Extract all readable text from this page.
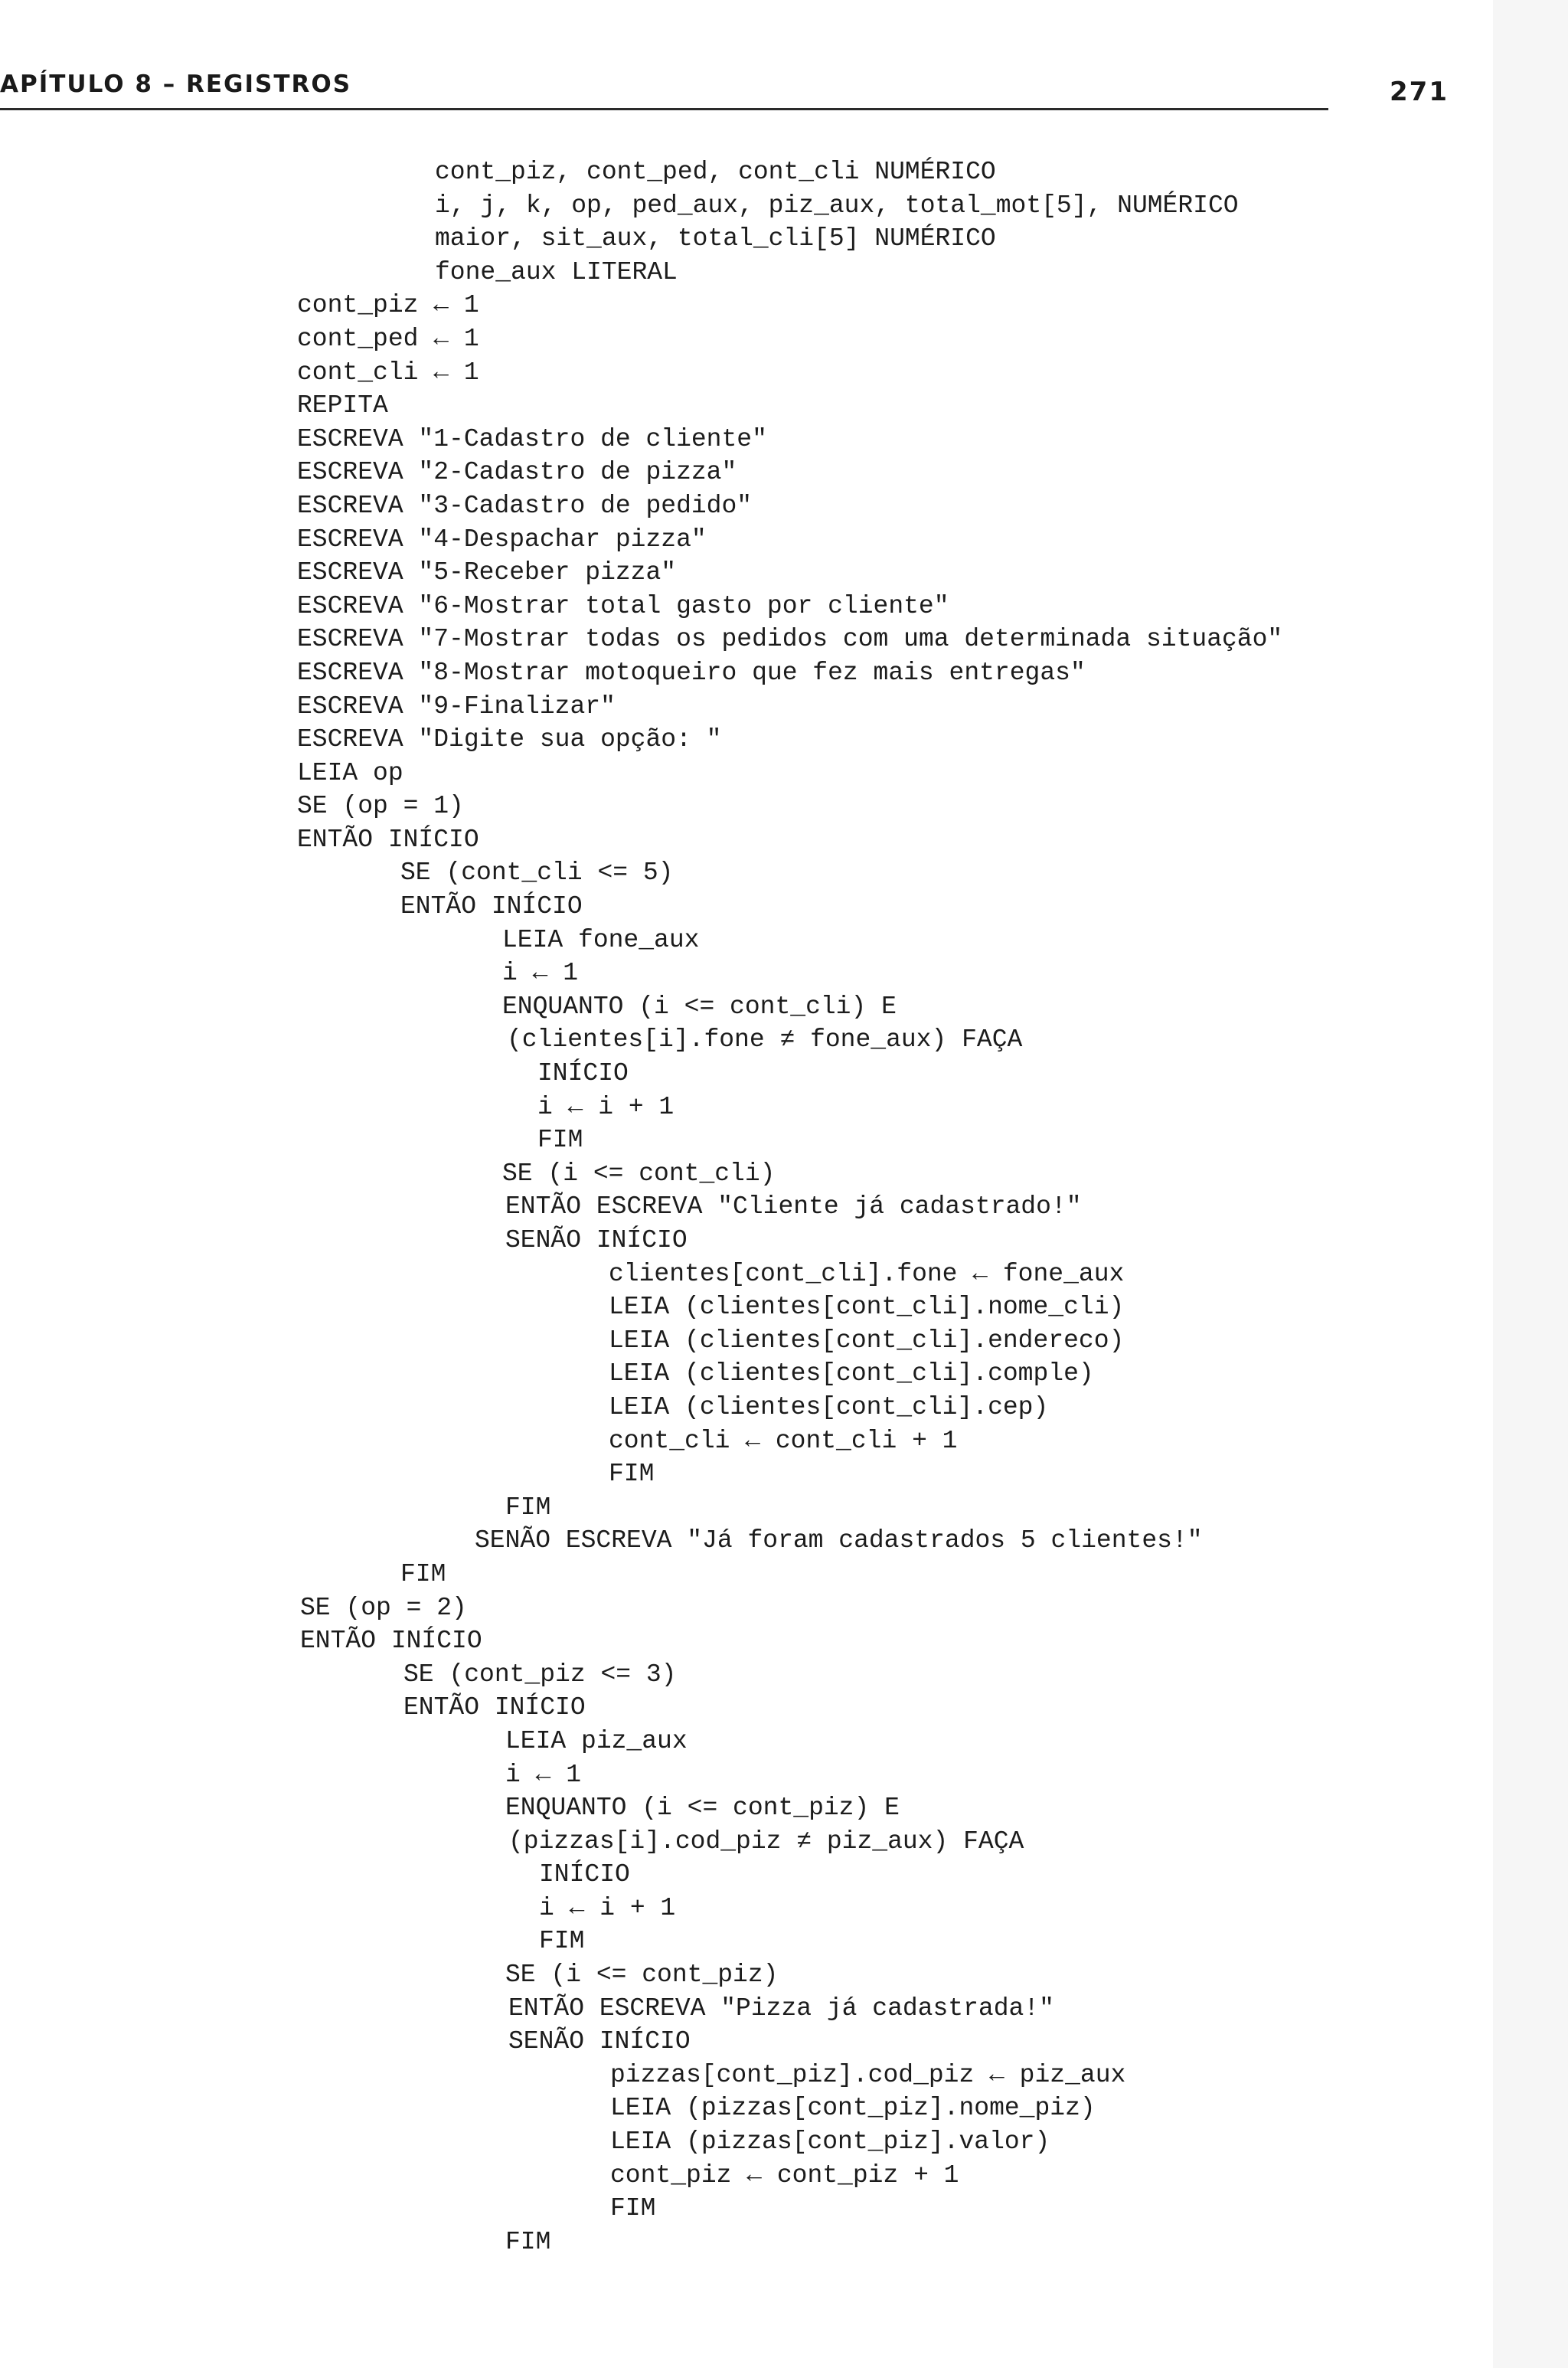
APÍTULO 8 – REGISTROS	271
cont_piz, cont_ped, cont_cli NUMÉRICO
i, j, k, op, ped_aux, piz_aux, total_mot[5], NUMÉRICO
maior, sit_aux, total_cli[5] NUMÉRICO
fone_aux LITERAL
cont_piz ← 1
cont_ped ← 1
cont_cli ← 1
REPITA
ESCREVA "1-Cadastro de cliente"
ESCREVA "2-Cadastro de pizza"
ESCREVA "3-Cadastro de pedido"
ESCREVA "4-Despachar pizza"
ESCREVA "5-Receber pizza"
ESCREVA "6-Mostrar total gasto por cliente"
ESCREVA "7-Mostrar todas os pedidos com uma determinada situação"
ESCREVA "8-Mostrar motoqueiro que fez mais entregas"
ESCREVA "9-Finalizar"
ESCREVA "Digite sua opção: "
LEIA op
SE (op = 1)
ENTÃO INÍCIO
SE (cont_cli <= 5)
ENTÃO INÍCIO
LEIA fone_aux
i ← 1
ENQUANTO (i <= cont_cli) E
(clientes[i].fone ≠ fone_aux) FAÇA
INÍCIO
i ← i + 1
FIM
SE (i <= cont_cli)
ENTÃO ESCREVA "Cliente já cadastrado!"
SENÃO INÍCIO
clientes[cont_cli].fone ← fone_aux
LEIA (clientes[cont_cli].nome_cli)
LEIA (clientes[cont_cli].endereco)
LEIA (clientes[cont_cli].comple)
LEIA (clientes[cont_cli].cep)
cont_cli ← cont_cli + 1
FIM
FIM
SENÃO ESCREVA "Já foram cadastrados 5 clientes!"
FIM
SE (op = 2)
ENTÃO INÍCIO
SE (cont_piz <= 3)
ENTÃO INÍCIO
LEIA piz_aux
i ← 1
ENQUANTO (i <= cont_piz) E
(pizzas[i].cod_piz ≠ piz_aux) FAÇA
INÍCIO
i ← i + 1
FIM
SE (i <= cont_piz)
ENTÃO ESCREVA "Pizza já cadastrada!"
SENÃO INÍCIO
pizzas[cont_piz].cod_piz ← piz_aux
LEIA (pizzas[cont_piz].nome_piz)
LEIA (pizzas[cont_piz].valor)
cont_piz ← cont_piz + 1
FIM
FIM
